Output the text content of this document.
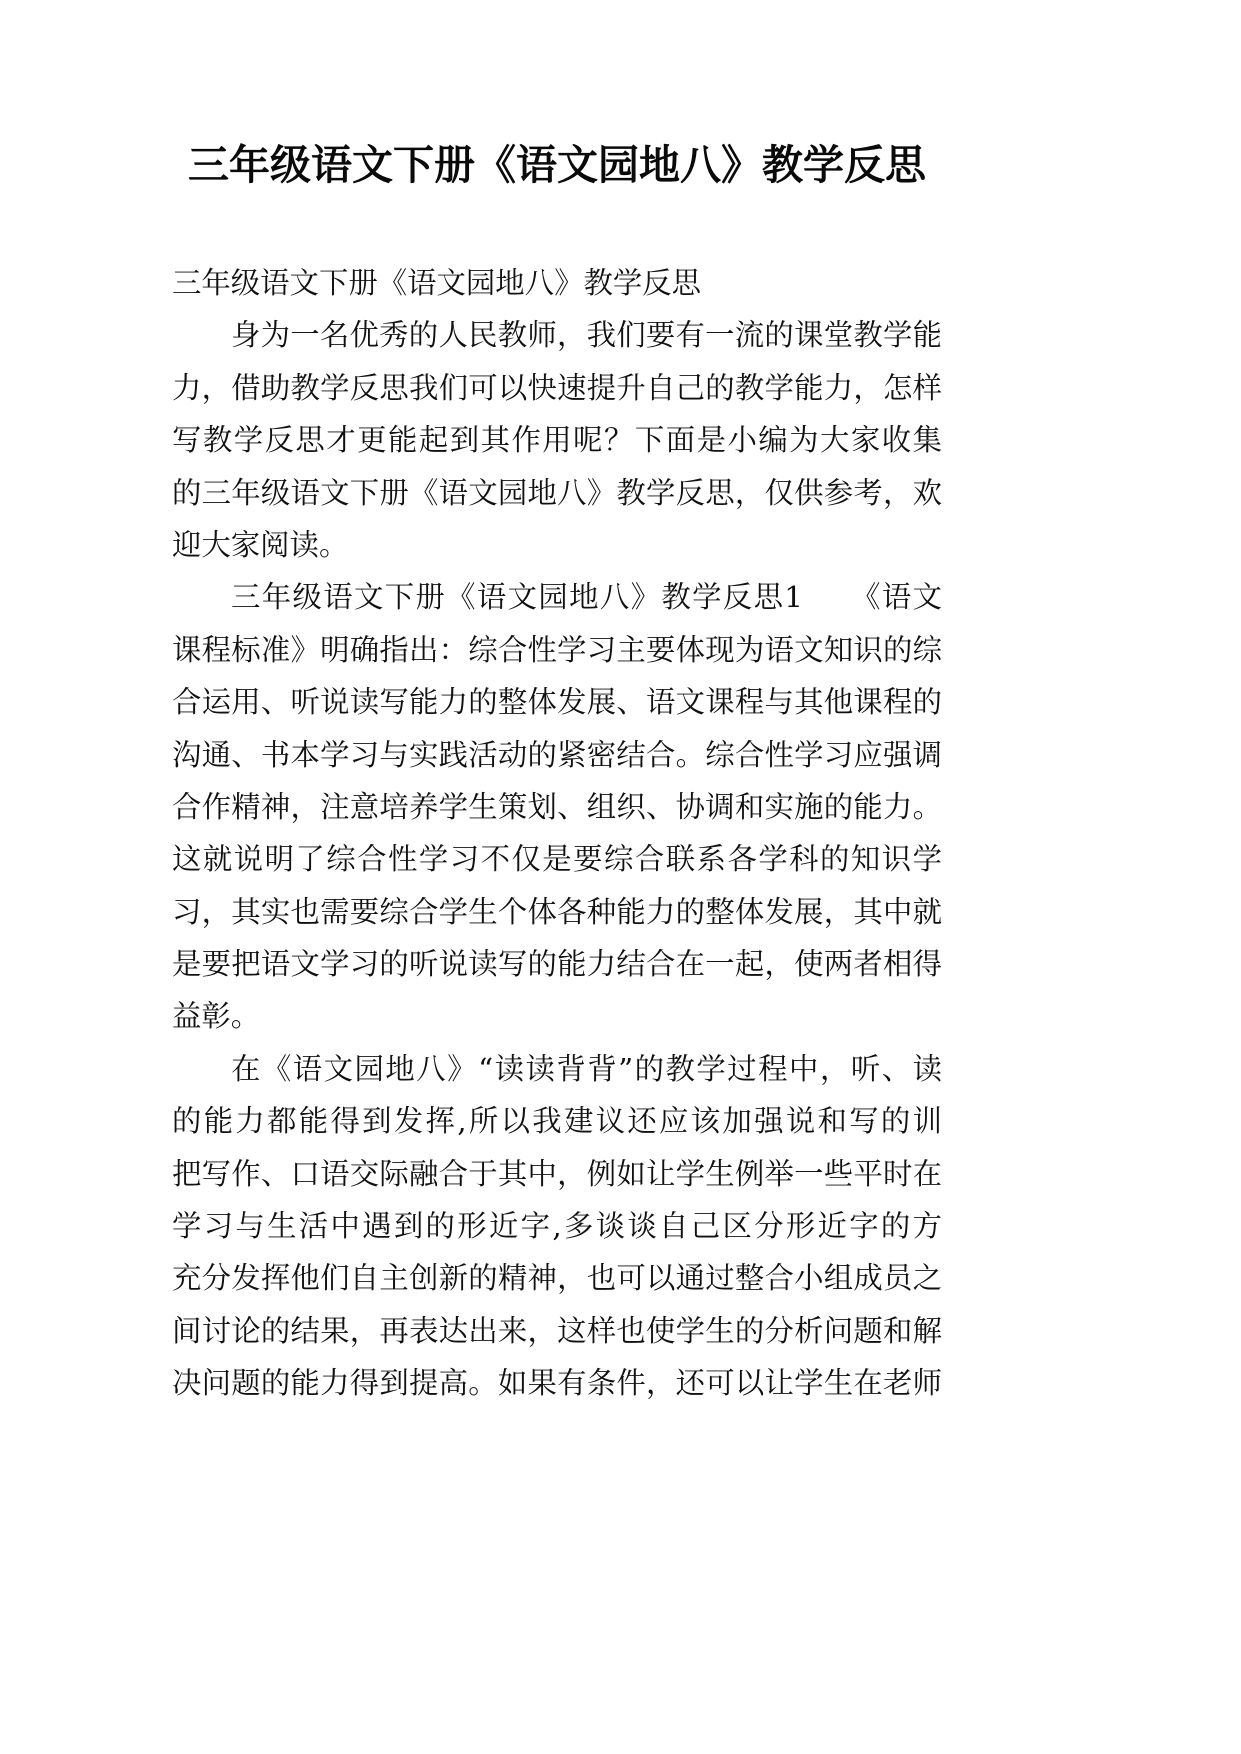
三年级语文下册《语文园地八》教学反思
三年级语文下册《语文园地八》教学反思
身为一名优秀的人民教师，我们要有一流的课堂教学能
力，借助教学反思我们可以快速提升自己的教学能力，怎样
写教学反思才更能起到其作用呢？下面是小编为大家收集
的三年级语文下册《语文园地八》教学反思，仅供参考，欢
迎大家阅读。
三年级语文下册《语文园地八》教学反思1　　《语文
课程标准》明确指出：综合性学习主要体现为语文知识的综
合运用、听说读写能力的整体发展、语文课程与其他课程的
沟通、书本学习与实践活动的紧密结合。综合性学习应强调
合作精神，注意培养学生策划、组织、协调和实施的能力。
这就说明了综合性学习不仅是要综合联系各学科的知识学
习，其实也需要综合学生个体各种能力的整体发展，其中就
是要把语文学习的听说读写的能力结合在一起，使两者相得
益彰。
在《语文园地八》“读读背背”的教学过程中，听、读
的能力都能得到发挥,所以我建议还应该加强说和写的训
把写作、口语交际融合于其中，例如让学生例举一些平时在
学习与生活中遇到的形近字,多谈谈自己区分形近字的方
充分发挥他们自主创新的精神，也可以通过整合小组成员之
间讨论的结果，再表达出来，这样也使学生的分析问题和解
决问题的能力得到提高。如果有条件，还可以让学生在老师
